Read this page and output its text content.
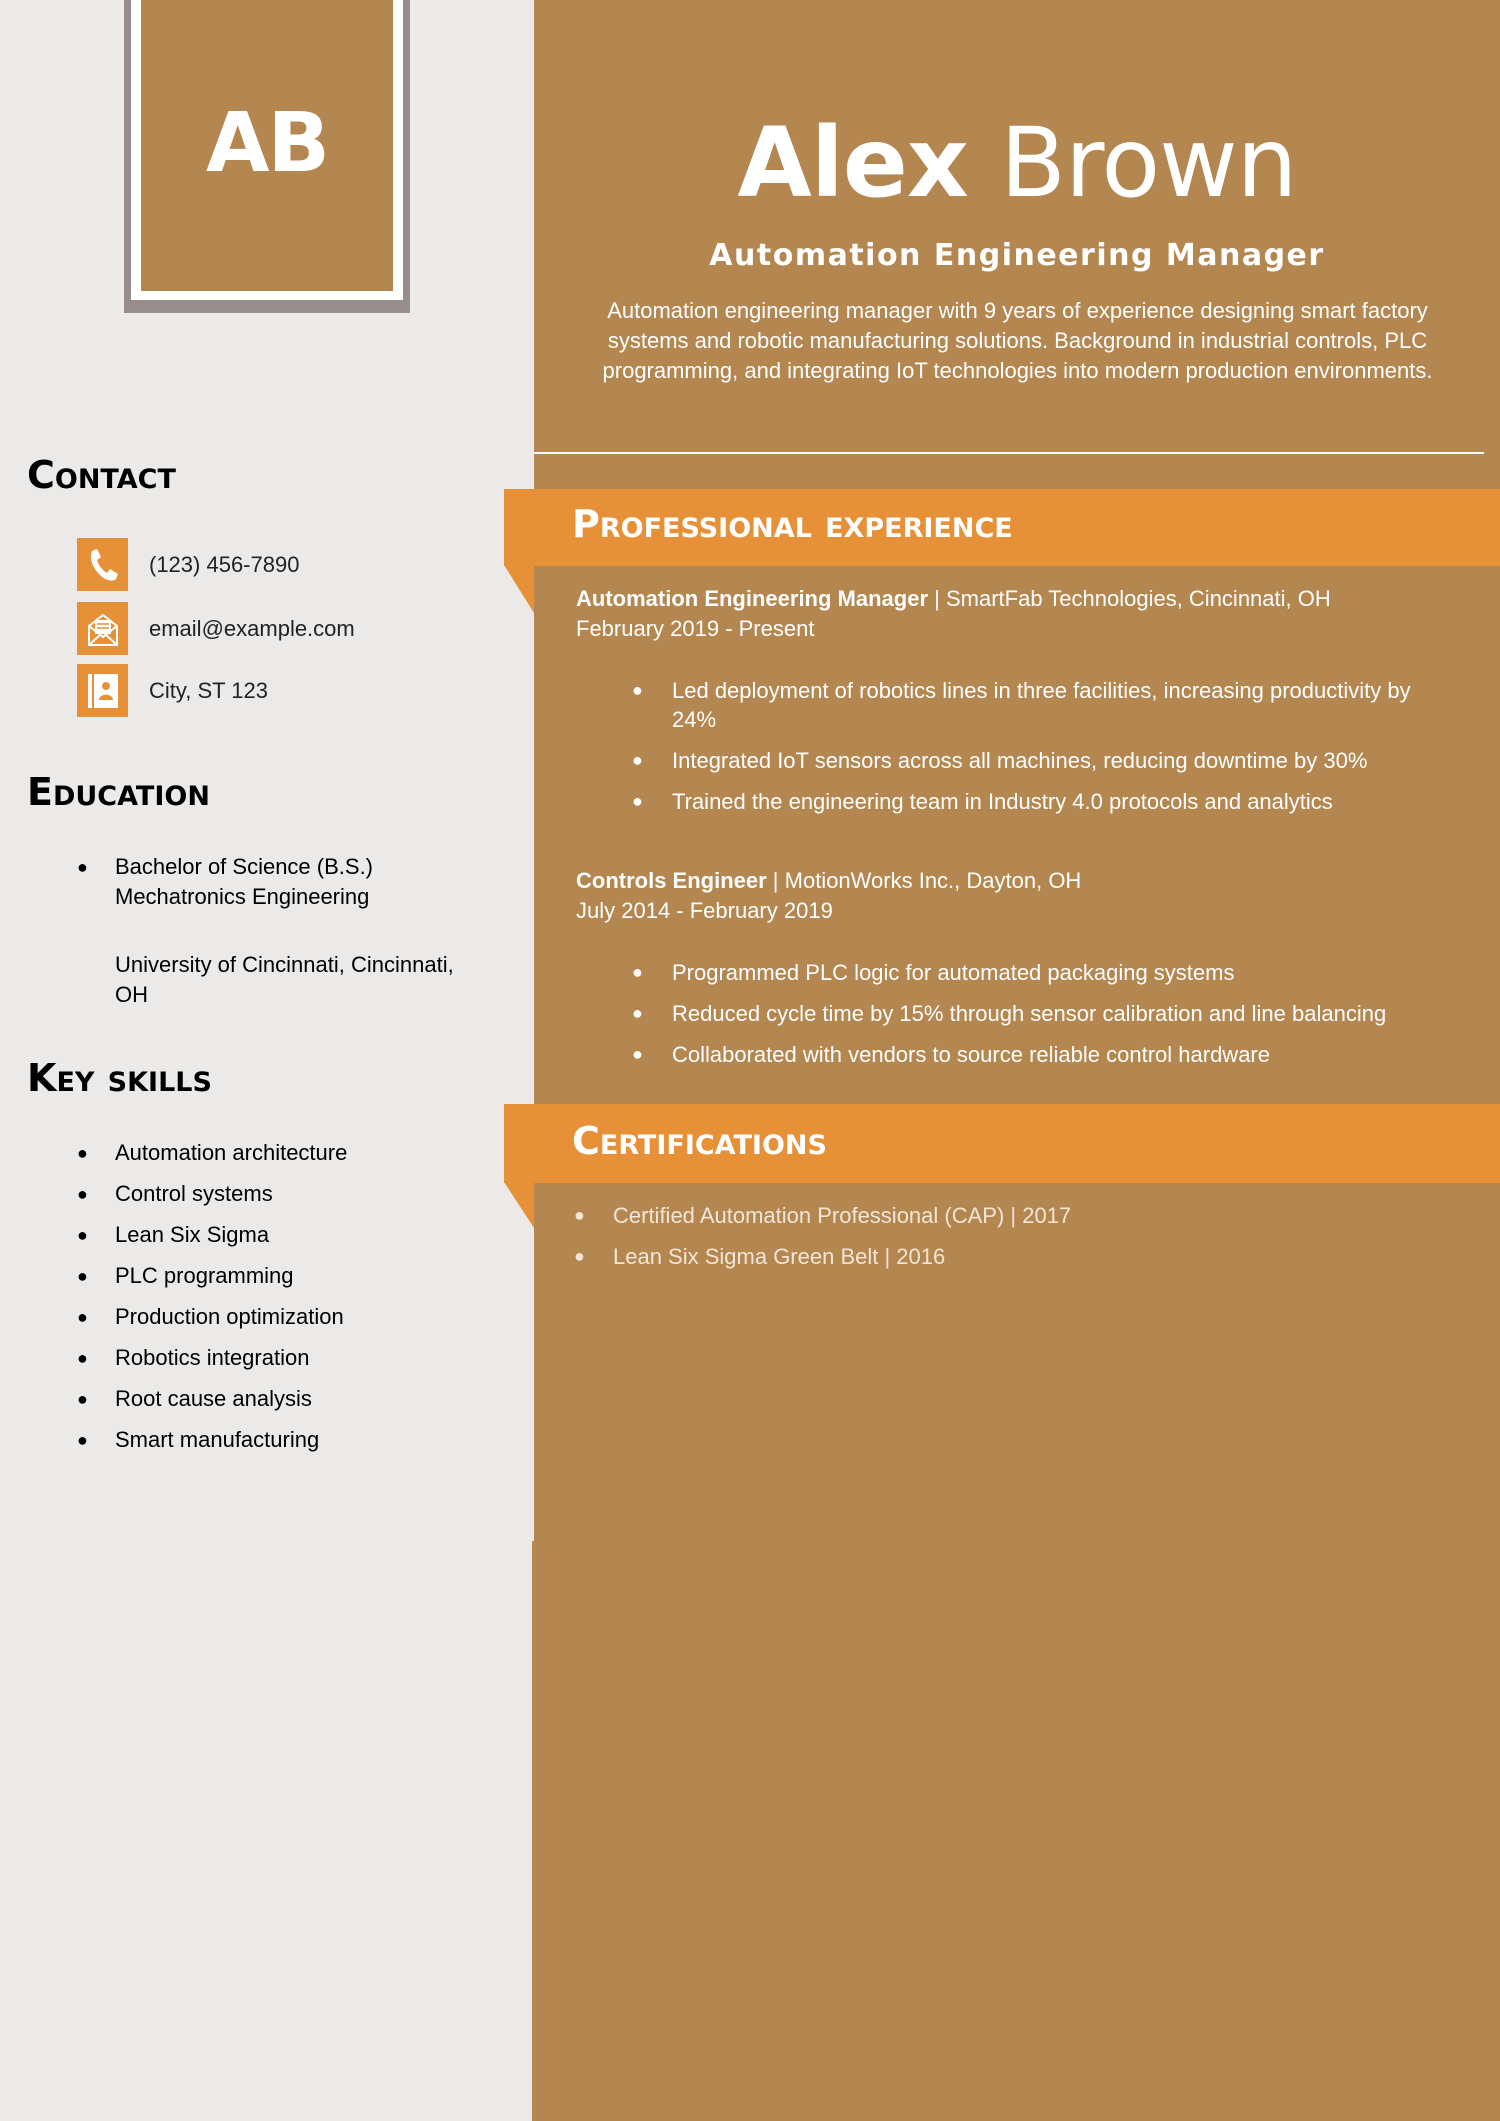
AB	Alex Brown
Automation Engineering Manager

Automation engineering manager with 9 years of experience designing smart factory systems and robotic manufacturing solutions. Background in industrial controls, PLC programming, and integrating IoT technologies into modern production environments.

Contact
(123) 456-7890
email@example.com
City, ST 123
Education
● Bachelor of Science (B.S.)
Mechatronics Engineering
University of Cincinnati, Cincinnati,
OH
Key skills
● Automation architecture
● Control systems
● Lean Six Sigma
● PLC programming
● Production optimization
● Robotics integration
● Root cause analysis
● Smart manufacturing
Professional experience
Automation Engineering Manager | SmartFab Technologies, Cincinnati, OH
February 2019 - Present
● Led deployment of robotics lines in three facilities, increasing productivity by 24%
● Integrated IoT sensors across all machines, reducing downtime by 30%
● Trained the engineering team in Industry 4.0 protocols and analytics
Controls Engineer | MotionWorks Inc., Dayton, OH
July 2014 - February 2019
● Programmed PLC logic for automated packaging systems
● Reduced cycle time by 15% through sensor calibration and line balancing
● Collaborated with vendors to source reliable control hardware
Certifications
● Certified Automation Professional (CAP) | 2017
● Lean Six Sigma Green Belt | 2016
